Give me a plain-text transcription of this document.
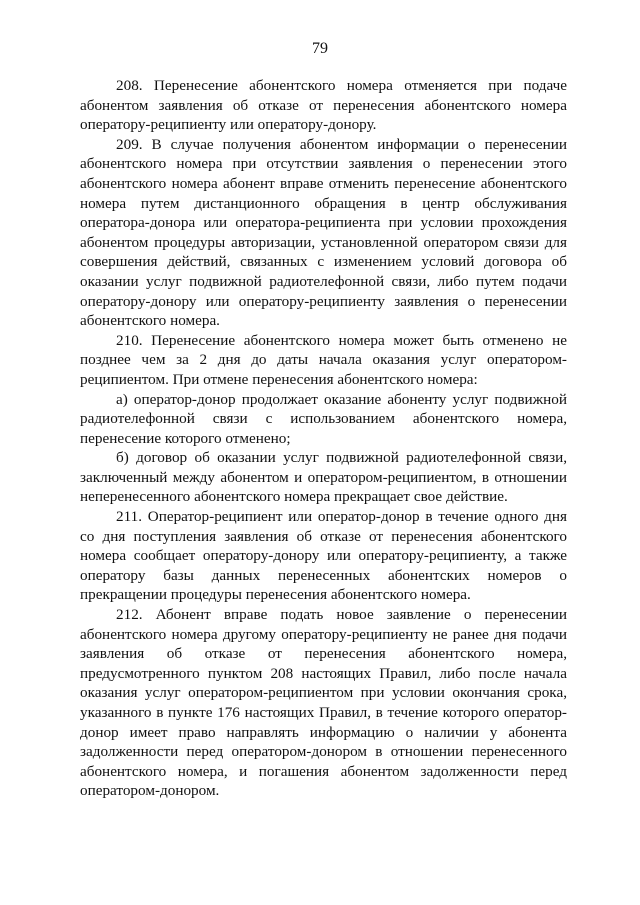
79

208. Перенесение абонентского номера отменяется при подаче абонентом заявления об отказе от перенесения абонентского номера оператору-реципиенту или оператору-донору.

209. В случае получения абонентом информации о перенесении абонентского номера при отсутствии заявления о перенесении этого абонентского номера абонент вправе отменить перенесение абонентского номера путем дистанционного обращения в центр обслуживания оператора-донора или оператора-реципиента при условии прохождения абонентом процедуры авторизации, установленной оператором связи для совершения действий, связанных с изменением условий договора об оказании услуг подвижной радиотелефонной связи, либо путем подачи оператору-донору или оператору-реципиенту заявления о перенесении абонентского номера.

210. Перенесение абонентского номера может быть отменено не позднее чем за 2 дня до даты начала оказания услуг оператором-реципиентом. При отмене перенесения абонентского номера:

а) оператор-донор продолжает оказание абоненту услуг подвижной радиотелефонной связи с использованием абонентского номера, перенесение которого отменено;

б) договор об оказании услуг подвижной радиотелефонной связи, заключенный между абонентом и оператором-реципиентом, в отношении неперенесенного абонентского номера прекращает свое действие.

211. Оператор-реципиент или оператор-донор в течение одного дня со дня поступления заявления об отказе от перенесения абонентского номера сообщает оператору-донору или оператору-реципиенту, а также оператору базы данных перенесенных абонентских номеров о прекращении процедуры перенесения абонентского номера.

212. Абонент вправе подать новое заявление о перенесении абонентского номера другому оператору-реципиенту не ранее дня подачи заявления об отказе от перенесения абонентского номера, предусмотренного пунктом 208 настоящих Правил, либо после начала оказания услуг оператором-реципиентом при условии окончания срока, указанного в пункте 176 настоящих Правил, в течение которого оператор-донор имеет право направлять информацию о наличии у абонента задолженности перед оператором-донором в отношении перенесенного абонентского номера, и погашения абонентом задолженности перед оператором-донором.
